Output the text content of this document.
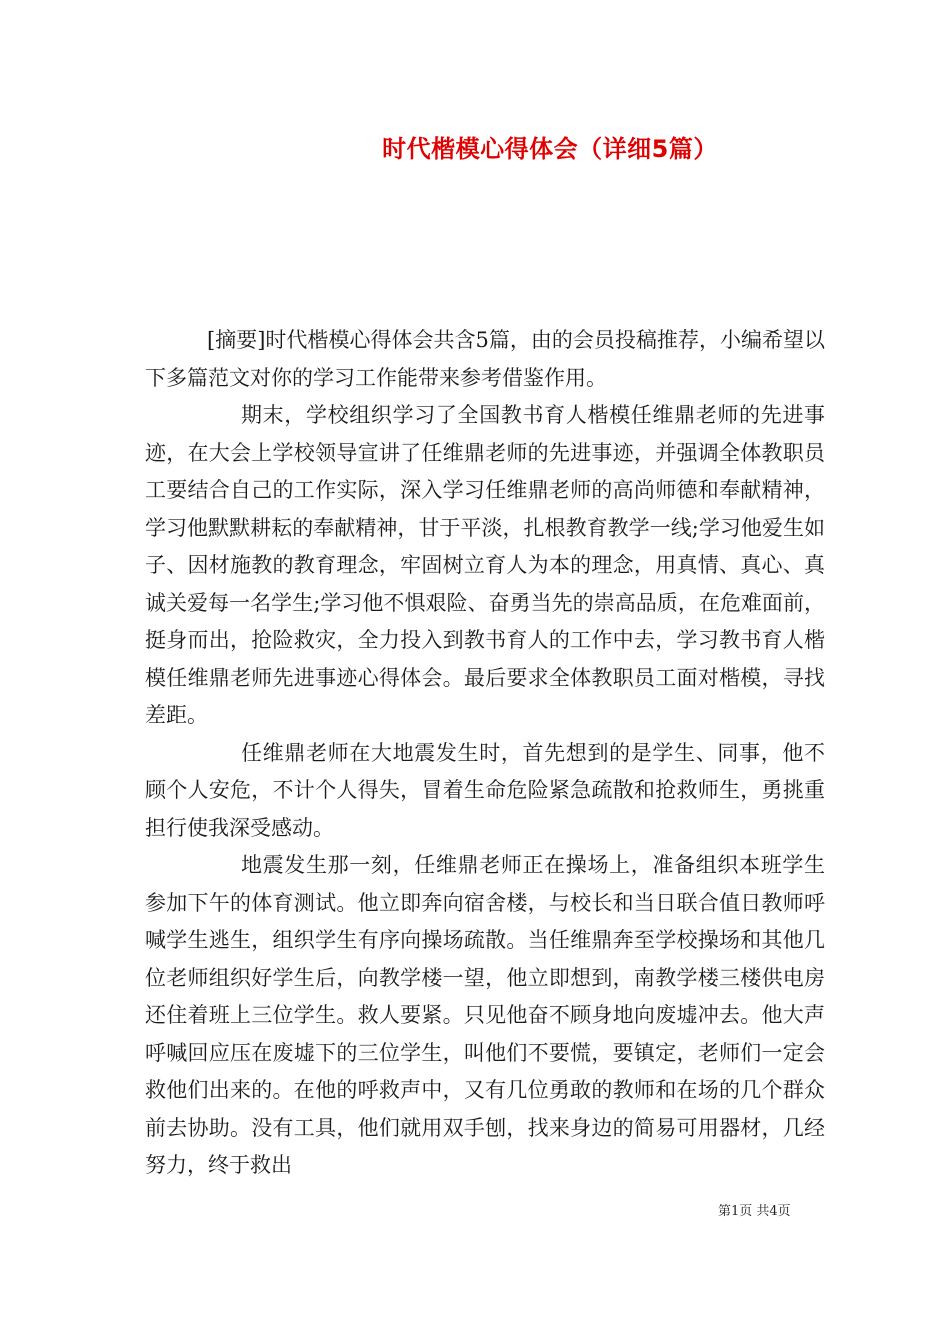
时代楷模心得体会（详细5篇）

[摘要]时代楷模心得体会共含5篇，由的会员投稿推荐，小编希望以下多篇范文对你的学习工作能带来参考借鉴作用。

期末，学校组织学习了全国教书育人楷模任维鼎老师的先进事迹，在大会上学校领导宣讲了任维鼎老师的先进事迹，并强调全体教职员工要结合自己的工作实际，深入学习任维鼎老师的高尚师德和奉献精神，学习他默默耕耘的奉献精神，甘于平淡，扎根教育教学一线;学习他爱生如子、因材施教的教育理念，牢固树立育人为本的理念，用真情、真心、真诚关爱每一名学生;学习他不惧艰险、奋勇当先的崇高品质，在危难面前，挺身而出，抢险救灾，全力投入到教书育人的工作中去，学习教书育人楷模任维鼎老师先进事迹心得体会。最后要求全体教职员工面对楷模，寻找差距。

任维鼎老师在大地震发生时，首先想到的是学生、同事，他不顾个人安危，不计个人得失，冒着生命危险紧急疏散和抢救师生，勇挑重担行使我深受感动。

地震发生那一刻，任维鼎老师正在操场上，准备组织本班学生参加下午的体育测试。他立即奔向宿舍楼，与校长和当日联合值日教师呼喊学生逃生，组织学生有序向操场疏散。当任维鼎奔至学校操场和其他几位老师组织好学生后，向教学楼一望，他立即想到，南教学楼三楼供电房还住着班上三位学生。救人要紧。只见他奋不顾身地向废墟冲去。他大声呼喊回应压在废墟下的三位学生，叫他们不要慌，要镇定，老师们一定会救他们出来的。在他的呼救声中，又有几位勇敢的教师和在场的几个群众前去协助。没有工具，他们就用双手刨，找来身边的简易可用器材，几经努力，终于救出

第1页 共4页
